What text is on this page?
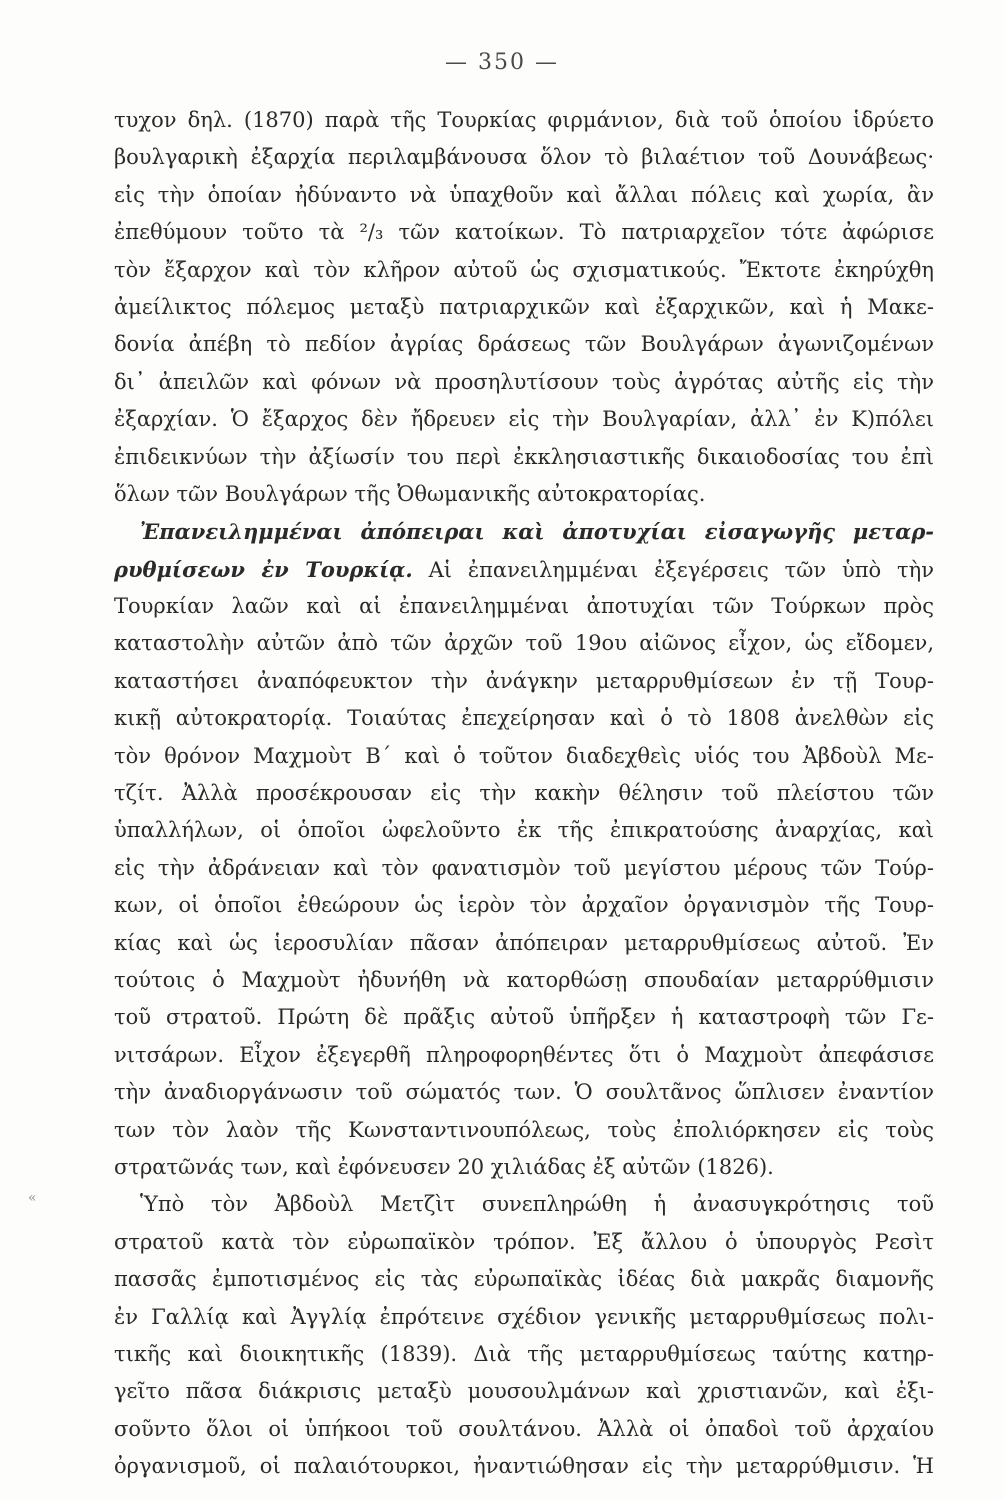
— 350 —
τυχον δηλ. (1870) παρὰ τῆς Τουρκίας φιρμάνιον, διὰ τοῦ ὁποίου ἱδρύετο
βουλγαρικὴ ἐξαρχία περιλαμβάνουσα ὅλον τὸ βιλαέτιον τοῦ Δουνάβεως·
εἰς τὴν ὁποίαν ἠδύναντο νὰ ὑπαχθοῦν καὶ ἄλλαι πόλεις καὶ χωρία, ἂν
ἐπεθύμουν τοῦτο τὰ ²/₃ τῶν κατοίκων. Τὸ πατριαρχεῖον τότε ἀφώρισε
τὸν ἔξαρχον καὶ τὸν κλῆρον αὐτοῦ ὡς σχισματικούς. Ἔκτοτε ἐκηρύχθη
ἀμείλικτος πόλεμος μεταξὺ πατριαρχικῶν καὶ ἐξαρχικῶν, καὶ ἡ Μακε-
δονία ἀπέβη τὸ πεδίον ἀγρίας δράσεως τῶν Βουλγάρων ἀγωνιζομένων
δι᾽ ἀπειλῶν καὶ φόνων νὰ προσηλυτίσουν τοὺς ἀγρότας αὐτῆς εἰς τὴν
ἐξαρχίαν. Ὁ ἔξαρχος δὲν ἤδρευεν εἰς τὴν Βουλγαρίαν, ἀλλ᾽ ἐν Κ)πόλει
ἐπιδεικνύων τὴν ἀξίωσίν του περὶ ἐκκλησιαστικῆς δικαιοδοσίας του ἐπὶ
ὅλων τῶν Βουλγάρων τῆς Ὀθωμανικῆς αὐτοκρατορίας.
Ἐπανειλημμέναι ἀπόπειραι καὶ ἀποτυχίαι εἰσαγωγῆς μεταρ-
ρυθμίσεων ἐν Τουρκίᾳ. Αἱ ἐπανειλημμέναι ἐξεγέρσεις τῶν ὑπὸ τὴν
Τουρκίαν λαῶν καὶ αἱ ἐπανειλημμέναι ἀποτυχίαι τῶν Τούρκων πρὸς
καταστολὴν αὐτῶν ἀπὸ τῶν ἀρχῶν τοῦ 19ου αἰῶνος εἶχον, ὡς εἴδομεν,
καταστήσει ἀναπόφευκτον τὴν ἀνάγκην μεταρρυθμίσεων ἐν τῇ Τουρ-
κικῇ αὐτοκρατορίᾳ. Τοιαύτας ἐπεχείρησαν καὶ ὁ τὸ 1808 ἀνελθὼν εἰς
τὸν θρόνον Μαχμοὺτ Β´ καὶ ὁ τοῦτον διαδεχθεὶς υἱός του Ἀβδοὺλ Με-
τζίτ. Ἀλλὰ προσέκρουσαν εἰς τὴν κακὴν θέλησιν τοῦ πλείστου τῶν
ὑπαλλήλων, οἱ ὁποῖοι ὠφελοῦντο ἐκ τῆς ἐπικρατούσης ἀναρχίας, καὶ
εἰς τὴν ἀδράνειαν καὶ τὸν φανατισμὸν τοῦ μεγίστου μέρους τῶν Τούρ-
κων, οἱ ὁποῖοι ἐθεώρουν ὡς ἱερὸν τὸν ἀρχαῖον ὀργανισμὸν τῆς Τουρ-
κίας καὶ ὡς ἱεροσυλίαν πᾶσαν ἀπόπειραν μεταρρυθμίσεως αὐτοῦ. Ἐν
τούτοις ὁ Μαχμοὺτ ἠδυνήθη νὰ κατορθώσῃ σπουδαίαν μεταρρύθμισιν
τοῦ στρατοῦ. Πρώτη δὲ πρᾶξις αὐτοῦ ὑπῆρξεν ἡ καταστροφὴ τῶν Γε-
νιτσάρων. Εἶχον ἐξεγερθῆ πληροφορηθέντες ὅτι ὁ Μαχμοὺτ ἀπεφάσισε
τὴν ἀναδιοργάνωσιν τοῦ σώματός των. Ὁ σουλτᾶνος ὥπλισεν ἐναντίον
των τὸν λαὸν τῆς Κωνσταντινουπόλεως, τοὺς ἐπολιόρκησεν εἰς τοὺς
στρατῶνάς των, καὶ ἐφόνευσεν 20 χιλιάδας ἐξ αὐτῶν (1826).
Ὑπὸ τὸν Ἀβδοὺλ Μετζὶτ συνεπληρώθη ἡ ἀνασυγκρότησις τοῦ
στρατοῦ κατὰ τὸν εὐρωπαϊκὸν τρόπον. Ἐξ ἄλλου ὁ ὑπουργὸς Ρεσὶτ
πασσᾶς ἐμποτισμένος εἰς τὰς εὐρωπαϊκὰς ἰδέας διὰ μακρᾶς διαμονῆς
ἐν Γαλλίᾳ καὶ Ἀγγλίᾳ ἐπρότεινε σχέδιον γενικῆς μεταρρυθμίσεως πολι-
τικῆς καὶ διοικητικῆς (1839). Διὰ τῆς μεταρρυθμίσεως ταύτης κατηρ-
γεῖτο πᾶσα διάκρισις μεταξὺ μουσουλμάνων καὶ χριστιανῶν, καὶ ἐξι-
σοῦντο ὅλοι οἱ ὑπήκοοι τοῦ σουλτάνου. Ἀλλὰ οἱ ὀπαδοὶ τοῦ ἀρχαίου
ὀργανισμοῦ, οἱ παλαιότουρκοι, ἠναντιώθησαν εἰς τὴν μεταρρύθμισιν. Ἡ
«
